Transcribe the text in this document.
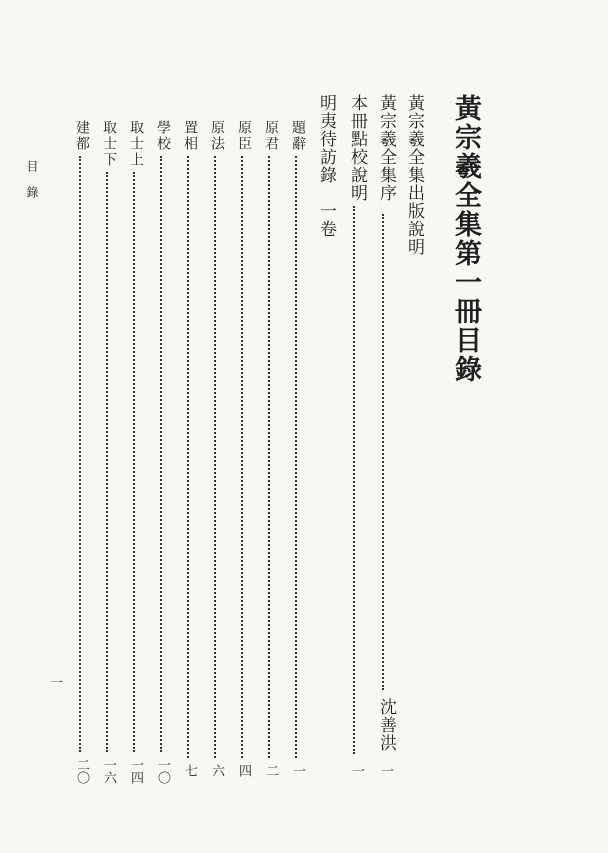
黃宗羲全集第一冊目錄
黃宗羲全集出版說明
黃宗羲全集序
沈善洪
一
本冊點校說明
一
明夷待訪錄　一卷
題辭
一
原君
二
原臣
四
原法
六
置相
七
學校
一〇
取士上
一四
取士下
一六
建都
二〇
目錄
一
